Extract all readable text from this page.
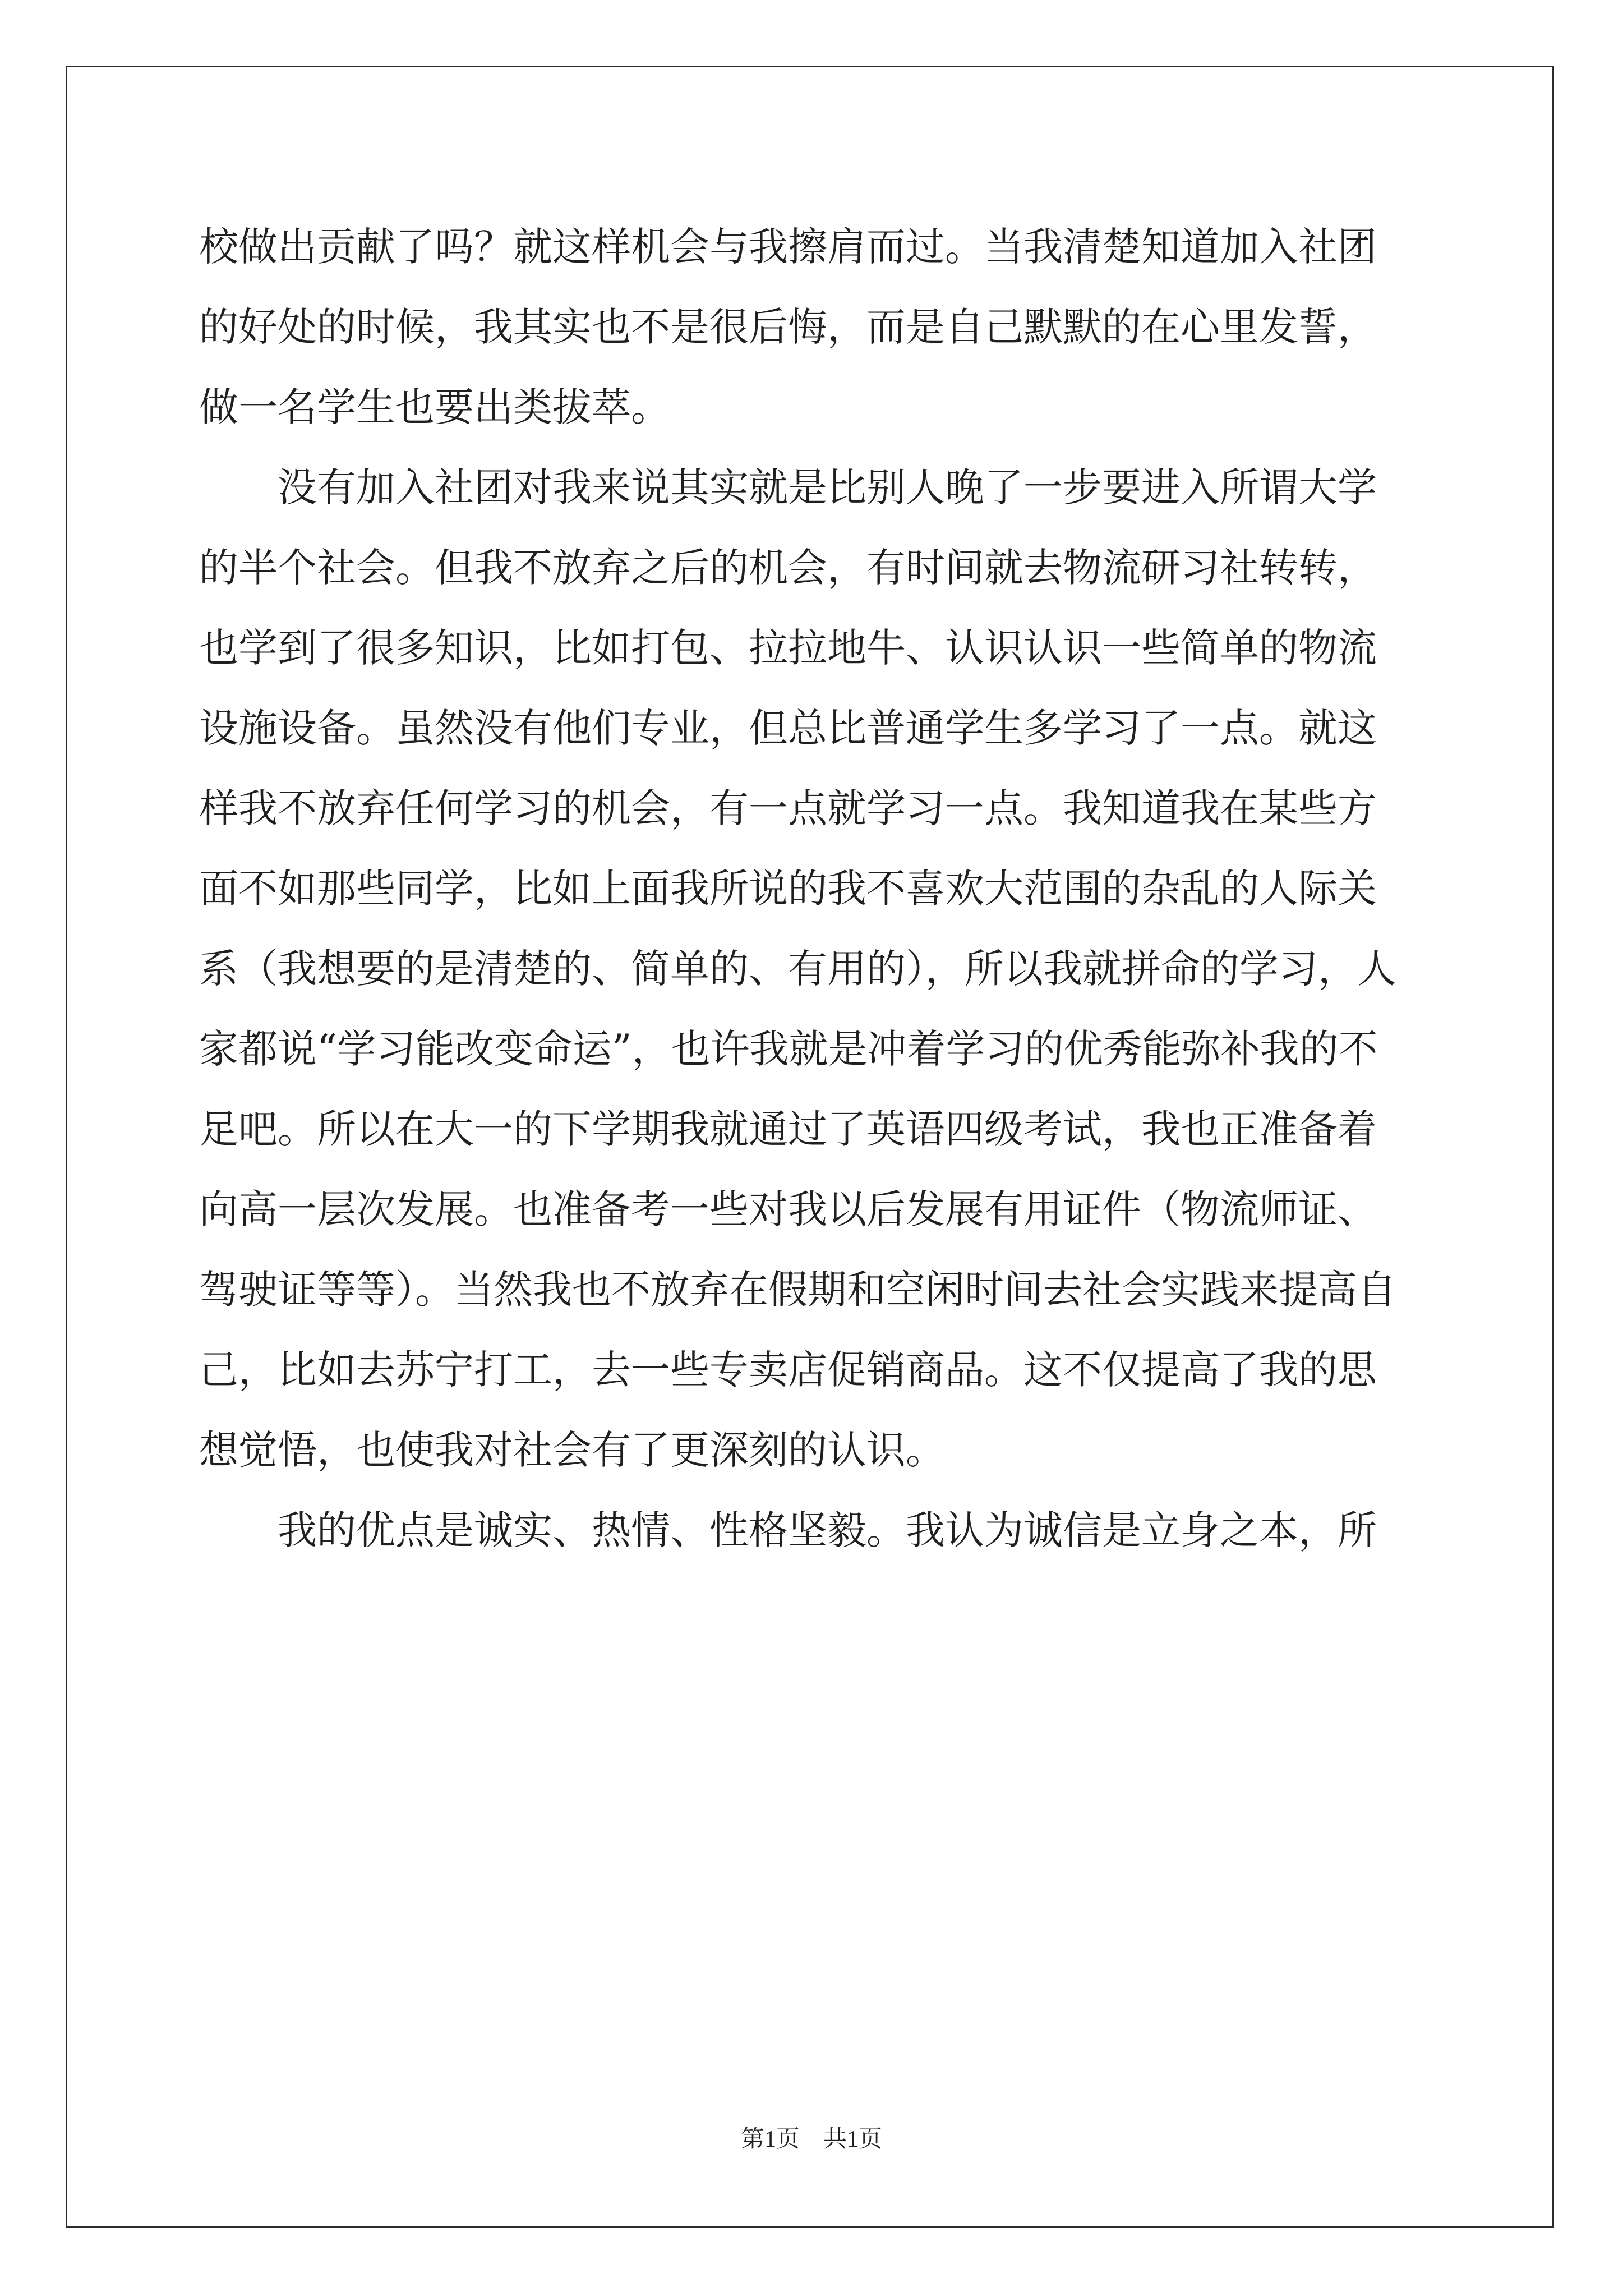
校做出贡献了吗？就这样机会与我擦肩而过。当我清楚知道加入社团
的好处的时候，我其实也不是很后悔，而是自己默默的在心里发誓，
做一名学生也要出类拔萃。
没有加入社团对我来说其实就是比别人晚了一步要进入所谓大学
的半个社会。但我不放弃之后的机会，有时间就去物流研习社转转，
也学到了很多知识，比如打包、拉拉地牛、认识认识一些简单的物流
设施设备。虽然没有他们专业，但总比普通学生多学习了一点。就这
样我不放弃任何学习的机会，有一点就学习一点。我知道我在某些方
面不如那些同学，比如上面我所说的我不喜欢大范围的杂乱的人际关
系（我想要的是清楚的、简单的、有用的），所以我就拼命的学习，人
家都说“学习能改变命运”，也许我就是冲着学习的优秀能弥补我的不
足吧。所以在大一的下学期我就通过了英语四级考试，我也正准备着
向高一层次发展。也准备考一些对我以后发展有用证件（物流师证、
驾驶证等等）。当然我也不放弃在假期和空闲时间去社会实践来提高自
己，比如去苏宁打工，去一些专卖店促销商品。这不仅提高了我的思
想觉悟，也使我对社会有了更深刻的认识。
我的优点是诚实、热情、性格坚毅。我认为诚信是立身之本，所
第1页　共1页
